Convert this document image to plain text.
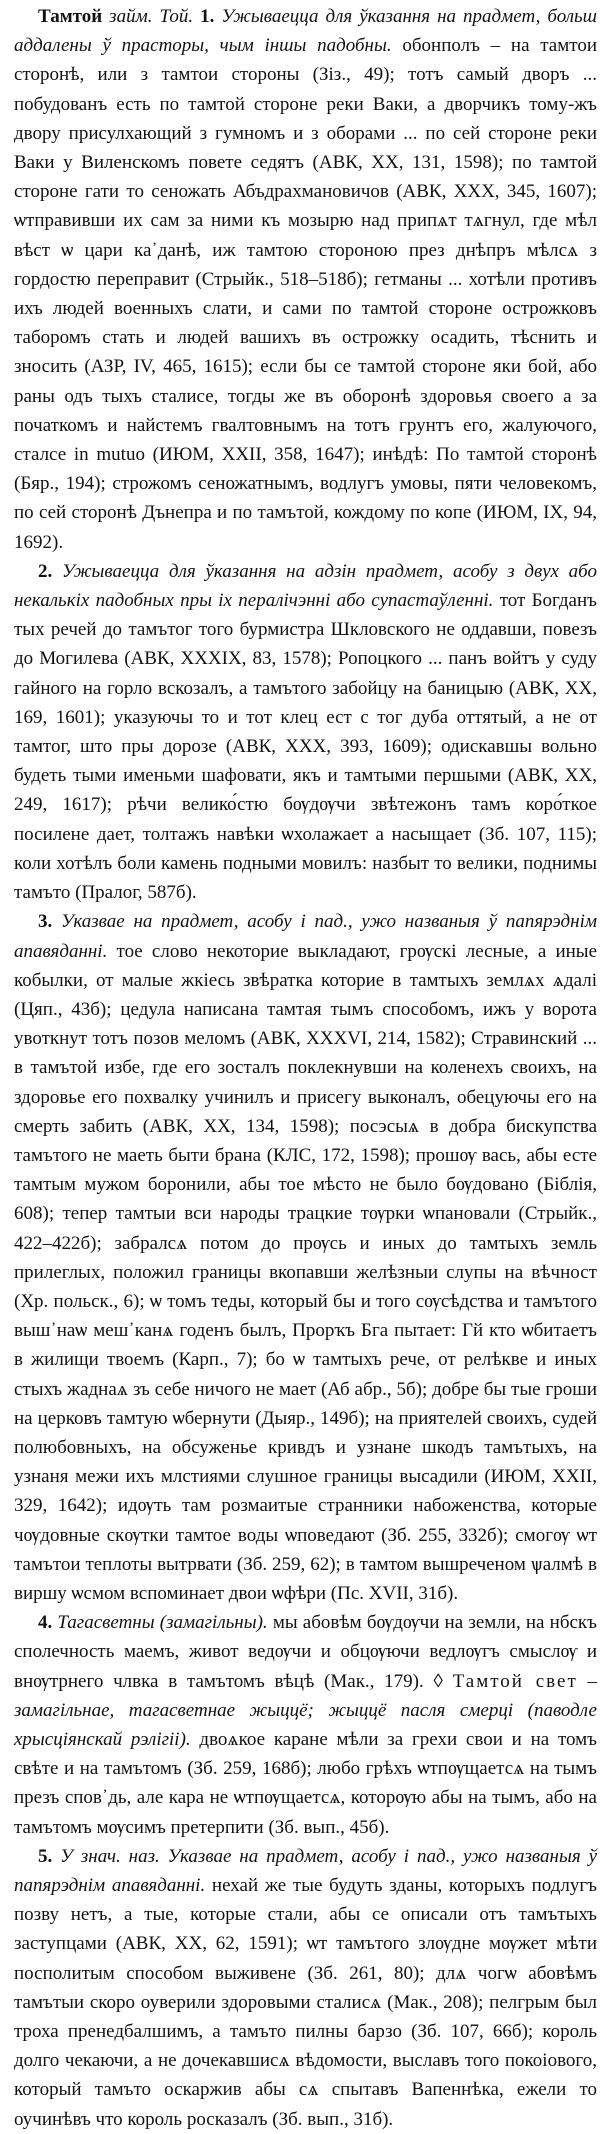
Тамтой займ. Той. 1. Ужываецца для ўказання на прадмет, больш аддалены ў прасторы, чым іншы падобны. обонполъ – на тамтои сторонѣ, или з тамтои стороны (Зіз., 49); тотъ самый дворъ ... побудованъ есть по тамтой стороне реки Ваки, а дворчикъ тому-жъ двору присулхающий з гумномъ и з оборами ... по сей стороне реки Ваки у Виленскомъ повете седятъ (АВК, XX, 131, 1598); по тамтой стороне гати то сеножать Абъдрахмановичов (АВК, XXX, 345, 1607); ѡтправивши их сам за ними къ мозырю над припѧт тѧгнул, где мѣл вѣст ѡ цари ка᾿данѣ, иж тамтою стороною през днѣпръ мѣлсѧ з гордостю переправит (Стрыйк., 518–518б); гетманы ... хотѣли противъ ихъ людей военныхъ слати, и сами по тамтой стороне острожковъ таборомъ стать и людей вашихъ въ острожку осадить, тѣснить и зносить (АЗР, IV, 465, 1615); если бы се тамтой стороне яки бой, або раны одъ тыхъ сталисе, тогды же въ оборонѣ здоровья своего а за початкомъ и найстемъ гвалтовнымъ на тотъ грунтъ его, жалуючого, сталсе in mutuo (ИЮМ, XXII, 358, 1647); инѣдѣ: По тамтой сторонѣ (Бяр., 194); строжомъ сеножатнымъ, водлугъ умовы, пяти человекомъ, по сей сторонѣ Дънепра и по тамътой, кождому по копе (ИЮМ, IX, 94, 1692).

2. Ужываецца для ўказання на адзін прадмет, асобу з двух або некалькіх падобных пры іх пералічэнні або супастаўленні. тот Богданъ тых речей до тамътог того бурмистра Шкловского не оддавши, повезъ до Могилева (АВК, XXXIX, 83, 1578); Ропоцкого ... панъ войтъ у суду гайного на горло вскозалъ, а тамътого забойцу на баницыю (АВК, XX, 169, 1601); указуючы то и тот клец ест с тог дуба оттятый, а не от тамтог, што пры дорозе (АВК, XXX, 393, 1609); одискавшы вольно будеть тыми именьми шафовати, якъ и тамтыми першыми (АВК, XX, 249, 1617); рѣчи велико́стю бѹдѹчи звѣтежонъ тамъ коро́ткое посилене дает, толтажъ навѣки ѡхолажает а насыщает (Зб. 107, 115); коли хотѣлъ боли камень подными мовилъ: назбыт то велики, поднимы тамъто (Пралог, 587б).

3. Указвае на прадмет, асобу і пад., ужо названыя ў папярэднім апавяданні. тое слово некоторие выкладают, грѹскі лесные, а иные кобылки, от малые жкіесь звѣратка которие в тамтыхъ землѧх ѧдалі (Цяп., 43б); цедула написана тамтая тымъ способомъ, ижъ у ворота увоткнут тотъ позов меломъ (АВК, XXXVI, 214, 1582); Стравинский ... в тамътой избе, где его зосталъ поклекнувши на коленехъ своихъ, на здоровье его похвалку учинилъ и присегу выконалъ, обецуючы его на смерть забить (АВК, XX, 134, 1598); посэсыѧ в добра бискупства тамътого не маеть быти брана (КЛС, 172, 1598); прошѹ вась, абы есте тамтым мужом боронили, абы тое мѣсто не было бѹдовано (Біблія, 608); тепер тамтыи вси народы трацкие тѹрки ѡпановали (Стрыйк., 422–422б); забралсѧ потом до прѹсь и иных до тамтыхъ земль прилеглых, положил границы вкопавши желѣзныи слупы на вѣчност (Хр. польск., 6); ѡ томъ теды, который бы и того сѹсѣдства и тамътого выш᾿наѡ меш᾿канѧ годенъ былъ, Прорҡъ Бга пытает: Гй кто ѡбитаетъ в жилищи твоемъ (Карп., 7); бо ѡ тамтыхъ рече, от релѣкве и иных стыхъ жаднаѧ зъ себе ничого не мает (Аб абр., 5б); добре бы тые гроши на церковъ тамтую ѡбернути (Дыяр., 149б); на приятелей своихъ, судей полюбовныхъ, на обсуженье кривдъ и узнане шкодъ тамътыхъ, на узнаня межи ихъ млстиями слушное границы высадили (ИЮМ, XXII, 329, 1642); идѹть там розмаитые странники набоженства, которые чѹдовные скѹтки тамтое воды ѡповедают (Зб. 255, 332б); смогѹ ѡт тамътои теплоты вытрвати (Зб. 259, 62); в тамтом вышреченом ѱалмѣ в виршу ѡсмом вспоминает двои ѡфѣри (Пс. XVII, 31б).

4. Тагасветны (замагільны). мы абовѣм бѹдѹчи на земли, на нбскъ сполечность маемъ, живот ведѹчи и обцѹючи ведлѹгъ смыслѹ и внѹтрнего члвка в тамътомъ вѣцѣ (Мак., 179). ◊ Тамтой свет – замагільнае, тагасветнае жыццё; жыццё пасля смерці (паводле хрысціянскай рэлігіі). двоѧкое каране мѣли за грехи свои и на томъ свѣте и на тамътомъ (Зб. 259, 168б); любо грѣхъ ѡтпѹщаетсѧ на тымъ презъ спов᾿дь, але кара не ѡтпѹщаетсѧ, которѹю абы на тымъ, або на тамътомъ мѹсимъ претерпити (Зб. вып., 45б).

5. У знач. наз. Указвае на прадмет, асобу і пад., ужо названыя ў папярэднім апавяданні. нехай же тые будуть зданы, которыхъ подлугъ позву нетъ, а тые, которые стали, абы се описали отъ тамътыхъ заступцами (АВК, XX, 62, 1591); ѡт тамътого злѹдне мѹжет мѣти посполитым способом выживене (Зб. 261, 80); длѧ чогѡ абовѣмъ тамътыи скоро оуверили здоровыми сталисѧ (Мак., 208); пелгрым был троха пренедбалшимъ, а тамъто пилны барзо (Зб. 107, 66б); король долго чекаючи, а не дочекавшисѧ вѣдомости, выславъ того покоiового, который тамъто оскаржив абы сѧ спытавъ Вапеннѣка, ежели то оучинѣвъ что король росказалъ (Зб. вып., 31б).
